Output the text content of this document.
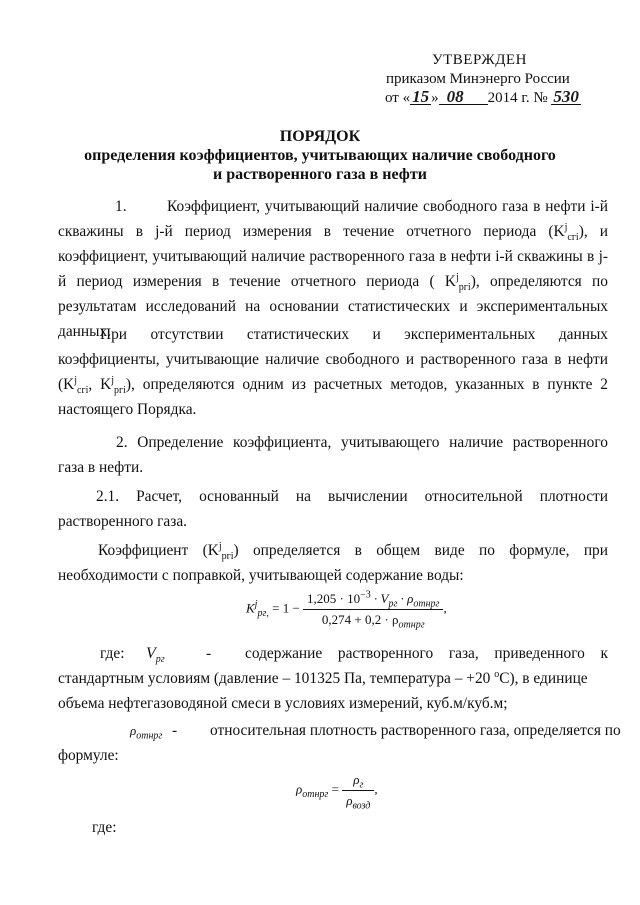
УТВЕРЖДЕН
приказом Минэнерго России
от « 15 » 08 2014 г. № 530
ПОРЯДОК
определения коэффициентов, учитывающих наличие свободного
и растворенного газа в нефти
1.	Коэффициент, учитывающий наличие свободного газа в нефти i-й скважины в j-й период измерения в течение отчетного периода $(K^j_{сгi})$, и коэффициент, учитывающий наличие растворенного газа в нефти i-й скважины в j-й период измерения в течение отчетного периода ( $K^j_{pгi}$), определяются по результатам исследований на основании статистических и экспериментальных данных.
При отсутствии статистических и экспериментальных данных коэффициенты, учитывающие наличие свободного и растворенного газа в нефти ($K^j_{сгi}$, $K^j_{pгi}$), определяются одним из расчетных методов, указанных в пункте 2 настоящего Порядка.
2. Определение коэффициента, учитывающего наличие растворенного газа в нефти.
2.1. Расчет, основанный на вычислении относительной плотности растворенного газа.
Коэффициент $(K^j_{pгi})$ определяется в общем виде по формуле, при необходимости с поправкой, учитывающей содержание воды:
$K^j_{pг,} = 1 - \frac{1,205 \cdot 10^{-3} \cdot V_{pг} \cdot \rho_{отнрг}}{0,274 + 0,2 \cdot \rho_{отнрг}}$ ,
где: $V_{pг}$	- содержание растворенного газа, приведенного к
стандартным условиям (давление – 101325 Па, температура – +20 $^o$С), в единице
объема нефтегазоводяной смеси в условиях измерений, куб.м/куб.м;
$\rho_{отнрг}$ - относительная плотность растворенного газа, определяется по
формуле:
$\rho_{отнрг} = \frac{\rho_г}{\rho_{возд}}$ ,
где:
